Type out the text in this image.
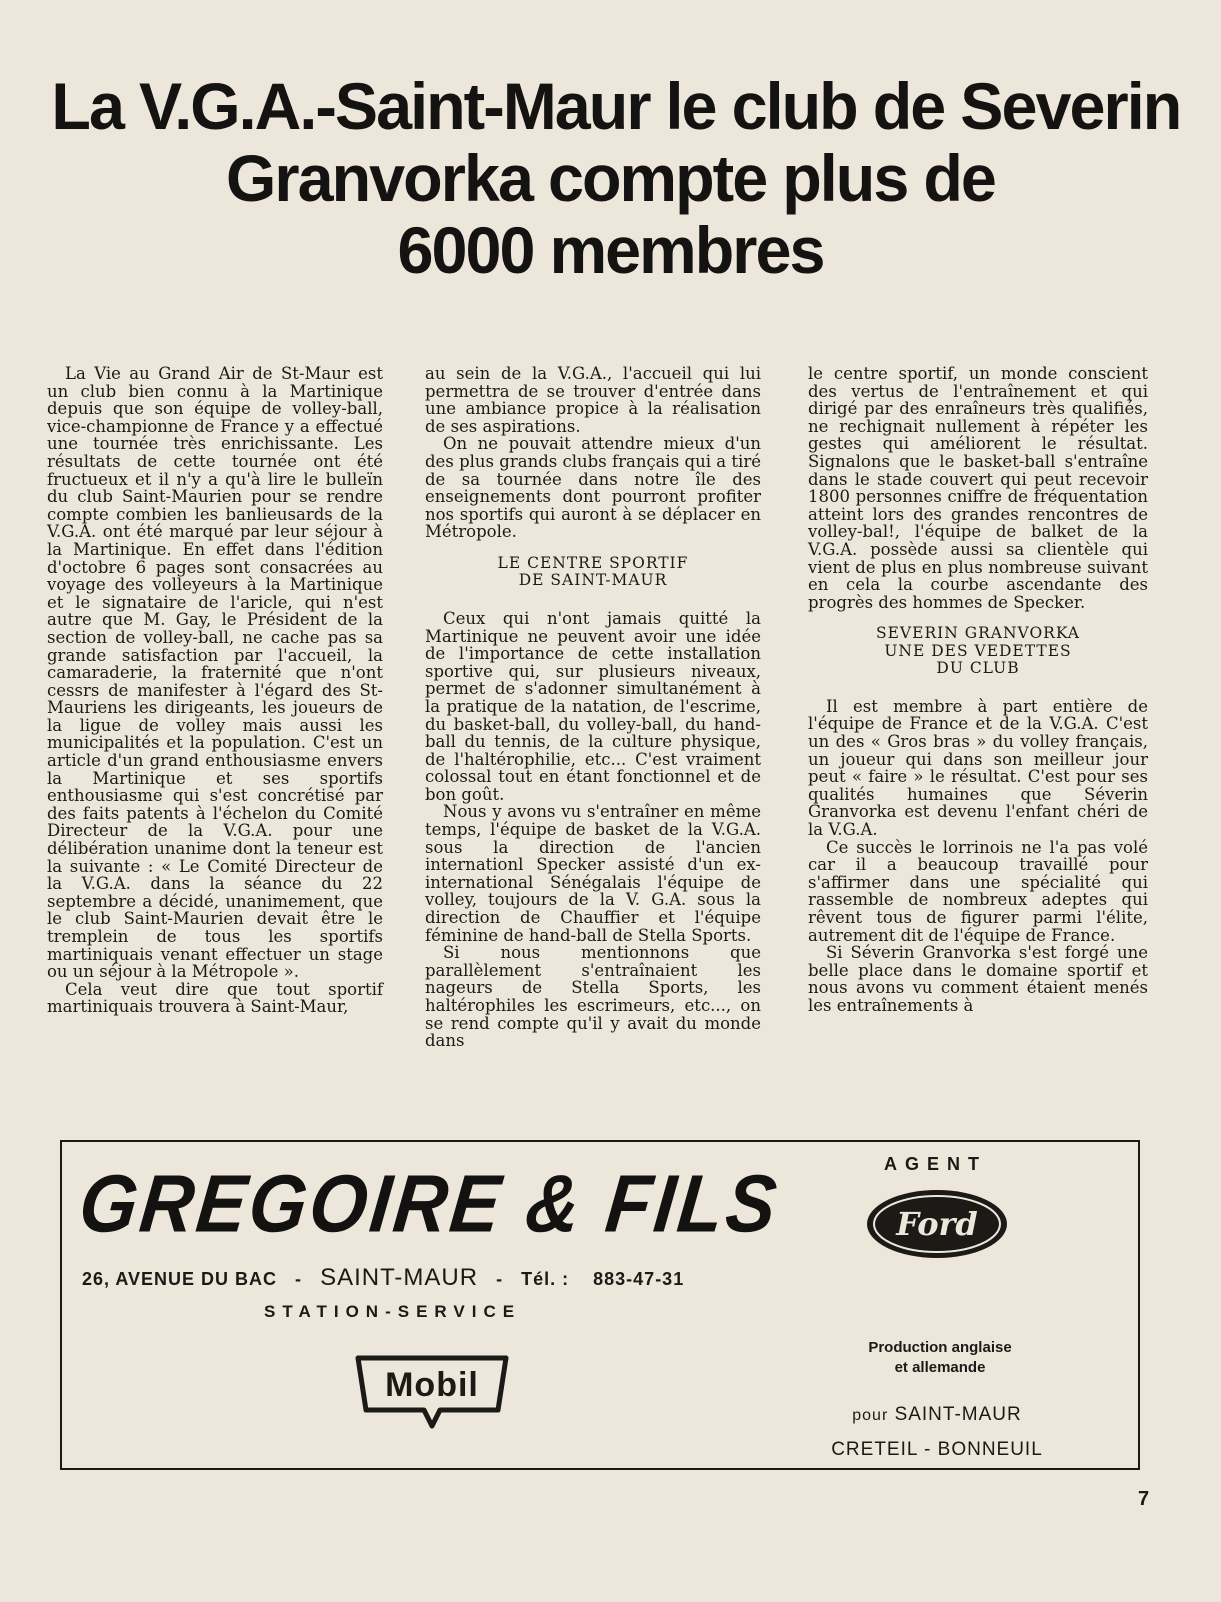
La V.G.A.-Saint-Maur le club de Severin
Granvorka compte plus de
6000 membres

La Vie au Grand Air de St-Maur est un club bien connu à la Martinique depuis que son équipe de volley-ball, vice-championne de France y a effectué une tournée très enrichissante. Les résultats de cette tournée ont été fructueux et il n'y a qu'à lire le bulleïn du club Saint-Maurien pour se rendre compte combien les banlieusards de la V.G.A. ont été marqué par leur séjour à la Martinique. En effet dans l'édition d'octobre 6 pages sont consacrées au voyage des volleyeurs à la Martinique et le signataire de l'aricle, qui n'est autre que M. Gay, le Président de la section de volley-ball, ne cache pas sa grande satisfaction par l'accueil, la camaraderie, la fraternité que n'ont cessrs de manifester à l'égard des St-Mauriens les dirigeants, les joueurs de la ligue de volley mais aussi les municipalités et la population. C'est un article d'un grand enthousiasme envers la Martinique et ses sportifs enthousiasme qui s'est concrétisé par des faits patents à l'échelon du Comité Directeur de la V.G.A. pour une délibération unanime dont la teneur est la suivante : « Le Comité Directeur de la V.G.A. dans la séance du 22 septembre a décidé, unanimement, que le club Saint-Maurien devait être le tremplein de tous les sportifs martiniquais venant effectuer un stage ou un séjour à la Métropole ».

Cela veut dire que tout sportif martiniquais trouvera à Saint-Maur,

au sein de la V.G.A., l'accueil qui lui permettra de se trouver d'entrée dans une ambiance propice à la réalisation de ses aspirations.

On ne pouvait attendre mieux d'un des plus grands clubs français qui a tiré de sa tournée dans notre île des enseignements dont pourront profiter nos sportifs qui auront à se déplacer en Métropole.

LE CENTRE SPORTIF
DE SAINT-MAUR

Ceux qui n'ont jamais quitté la Martinique ne peuvent avoir une idée de l'importance de cette installation sportive qui, sur plusieurs niveaux, permet de s'adonner simultanément à la pratique de la natation, de l'escrime, du basket-ball, du volley-ball, du hand-ball du tennis, de la culture physique, de l'haltérophilie, etc... C'est vraiment colossal tout en étant fonctionnel et de bon goût.

Nous y avons vu s'entraîner en même temps, l'équipe de basket de la V.G.A. sous la direction de l'ancien internationl Specker assisté d'un ex-international Sénégalais l'équipe de volley, toujours de la V. G.A. sous la direction de Chauffier et l'équipe féminine de hand-ball de Stella Sports.

Si nous mentionnons que parallèlement s'entraînaient les nageurs de Stella Sports, les haltérophiles les escrimeurs, etc..., on se rend compte qu'il y avait du monde dans

le centre sportif, un monde conscient des vertus de l'entraînement et qui dirigé par des enraîneurs très qualifiés, ne rechignait nullement à répéter les gestes qui améliorent le résultat. Signalons que le basket-ball s'entraîne dans le stade couvert qui peut recevoir 1800 personnes cniffre de fréquentation atteint lors des grandes rencontres de volley-bal!, l'équipe de balket de la V.G.A. possède aussi sa clientèle qui vient de plus en plus nombreuse suivant en cela la courbe ascendante des progrès des hommes de Specker.

SEVERIN GRANVORKA
UNE DES VEDETTES
DU CLUB

Il est membre à part entière de l'équipe de France et de la V.G.A. C'est un des « Gros bras » du volley français, un joueur qui dans son meilleur jour peut « faire » le résultat. C'est pour ses qualités humaines que Séverin Granvorka est devenu l'enfant chéri de la V.G.A.

Ce succès le lorrinois ne l'a pas volé car il a beaucoup travaillé pour s'affirmer dans une spécialité qui rassemble de nombreux adeptes qui rêvent tous de figurer parmi l'élite, autrement dit de l'équipe de France.

Si Séverin Granvorka s'est forgé une belle place dans le domaine sportif et nous avons vu comment étaient menés les entraînements à

GREGOIRE & FILS
26, AVENUE DU BAC - SAINT-MAUR - Tél. : 883-47-31
STATION-SERVICE
Mobil
AGENT
Ford
Production anglaise
et allemande
pour SAINT-MAUR
CRETEIL - BONNEUIL
7
